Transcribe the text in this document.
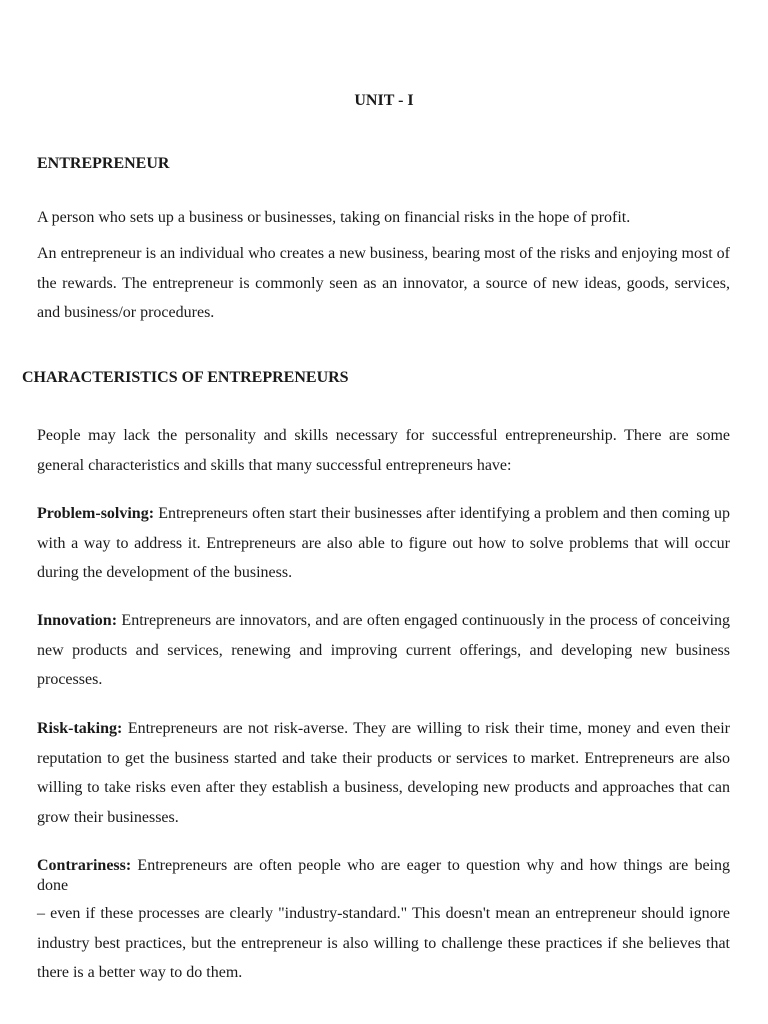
UNIT - I
ENTREPRENEUR

A person who sets up a business or businesses, taking on financial risks in the hope of profit.

An entrepreneur is an individual who creates a new business, bearing most of the risks and enjoying most of the rewards. The entrepreneur is commonly seen as an innovator, a source of new ideas, goods, services, and business/or procedures.

CHARACTERISTICS OF ENTREPRENEURS

People may lack the personality and skills necessary for successful entrepreneurship. There are some general characteristics and skills that many successful entrepreneurs have:

Problem-solving: Entrepreneurs often start their businesses after identifying a problem and then coming up with a way to address it. Entrepreneurs are also able to figure out how to solve problems that will occur during the development of the business.

Innovation: Entrepreneurs are innovators, and are often engaged continuously in the process of conceiving new products and services, renewing and improving current offerings, and developing new business processes.

Risk-taking: Entrepreneurs are not risk-averse. They are willing to risk their time, money and even their reputation to get the business started and take their products or services to market. Entrepreneurs are also willing to take risks even after they establish a business, developing new products and approaches that can grow their businesses.

Contrariness: Entrepreneurs are often people who are eager to question why and how things are being done

– even if these processes are clearly "industry-standard." This doesn't mean an entrepreneur should ignore industry best practices, but the entrepreneur is also willing to challenge these practices if she believes that there is a better way to do them.
